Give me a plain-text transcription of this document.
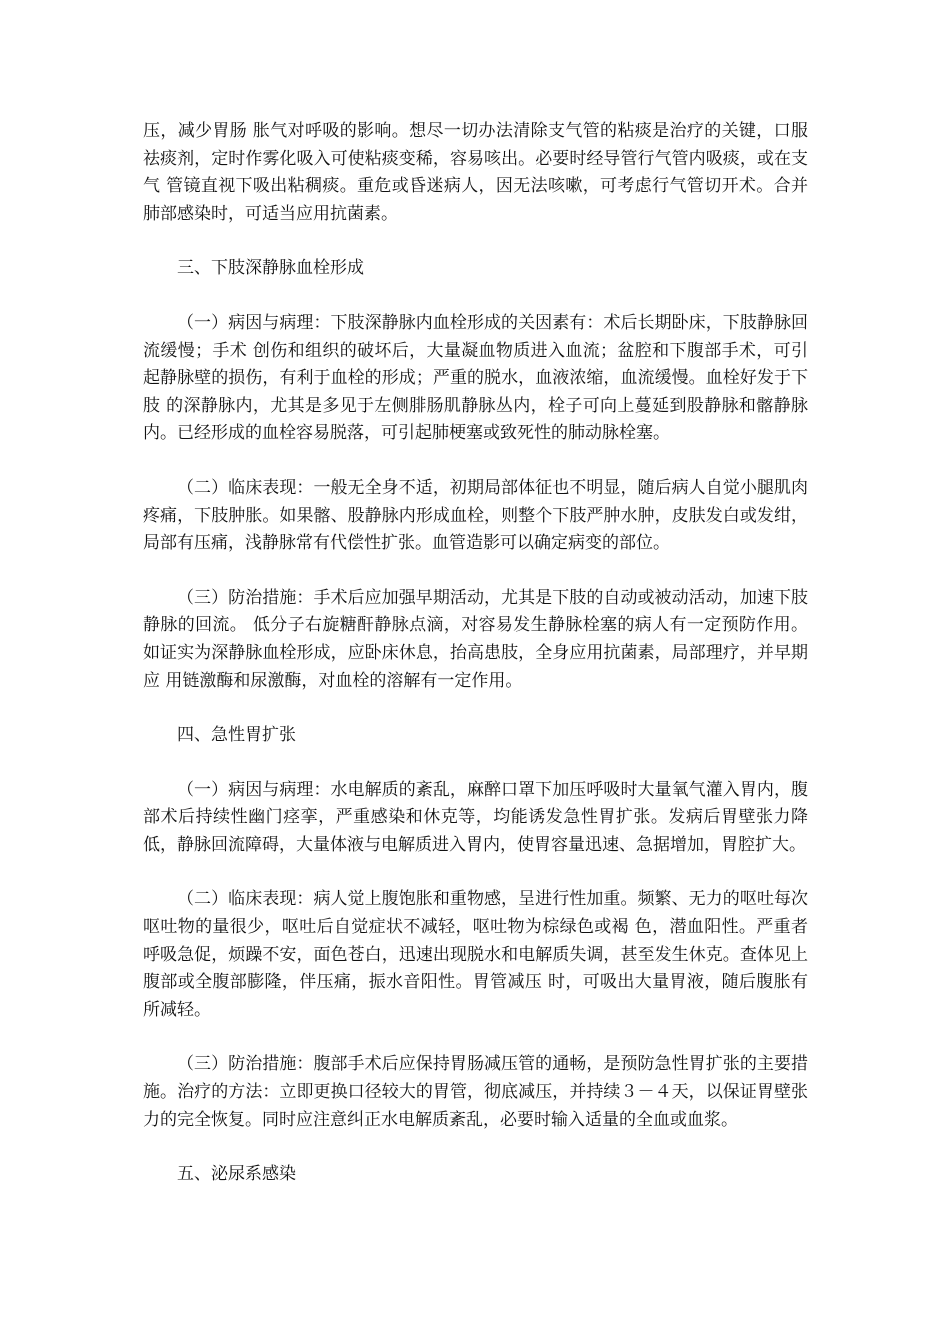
压，减少胃肠 胀气对呼吸的影响。想尽一切办法清除支气管的粘痰是治疗的关键，口服祛痰剂，定时作雾化吸入可使粘痰变稀，容易咳出。必要时经导管行气管内吸痰，或在支气 管镜直视下吸出粘稠痰。重危或昏迷病人，因无法咳嗽，可考虑行气管切开术。合并肺部感染时，可适当应用抗菌素。

三、下肢深静脉血栓形成

（一）病因与病理：下肢深静脉内血栓形成的关因素有：术后长期卧床，下肢静脉回流缓慢；手术 创伤和组织的破坏后，大量凝血物质进入血流；盆腔和下腹部手术，可引起静脉壁的损伤，有利于血栓的形成；严重的脱水，血液浓缩，血流缓慢。血栓好发于下肢 的深静脉内，尤其是多见于左侧腓肠肌静脉丛内，栓子可向上蔓延到股静脉和髂静脉内。已经形成的血栓容易脱落，可引起肺梗塞或致死性的肺动脉栓塞。

（二）临床表现：一般无全身不适，初期局部体征也不明显，随后病人自觉小腿肌肉疼痛，下肢肿胀。如果髂、股静脉内形成血栓，则整个下肢严肿水肿，皮肤发白或发绀，局部有压痛，浅静脉常有代偿性扩张。血管造影可以确定病变的部位。

（三）防治措施：手术后应加强早期活动，尤其是下肢的自动或被动活动，加速下肢静脉的回流。 低分子右旋糖酐静脉点滴，对容易发生静脉栓塞的病人有一定预防作用。如证实为深静脉血栓形成，应卧床休息，抬高患肢，全身应用抗菌素，局部理疗，并早期应 用链激酶和尿激酶，对血栓的溶解有一定作用。

四、急性胃扩张

（一）病因与病理：水电解质的紊乱，麻醉口罩下加压呼吸时大量氧气灌入胃内，腹部术后持续性幽门痉挛，严重感染和休克等，均能诱发急性胃扩张。发病后胃壁张力降低，静脉回流障碍，大量体液与电解质进入胃内，使胃容量迅速、急据增加，胃腔扩大。

（二）临床表现：病人觉上腹饱胀和重物感，呈进行性加重。频繁、无力的呕吐每次呕吐物的量很少，呕吐后自觉症状不减轻，呕吐物为棕绿色或褐 色，潜血阳性。严重者呼吸急促，烦躁不安，面色苍白，迅速出现脱水和电解质失调，甚至发生休克。查体见上腹部或全腹部膨隆，伴压痛，振水音阳性。胃管减压 时，可吸出大量胃液，随后腹胀有所减轻。

（三）防治措施：腹部手术后应保持胃肠减压管的通畅，是预防急性胃扩张的主要措施。治疗的方法：立即更换口径较大的胃管，彻底减压，并持续３－４天，以保证胃壁张力的完全恢复。同时应注意纠正水电解质紊乱，必要时输入适量的全血或血浆。

五、泌尿系感染
